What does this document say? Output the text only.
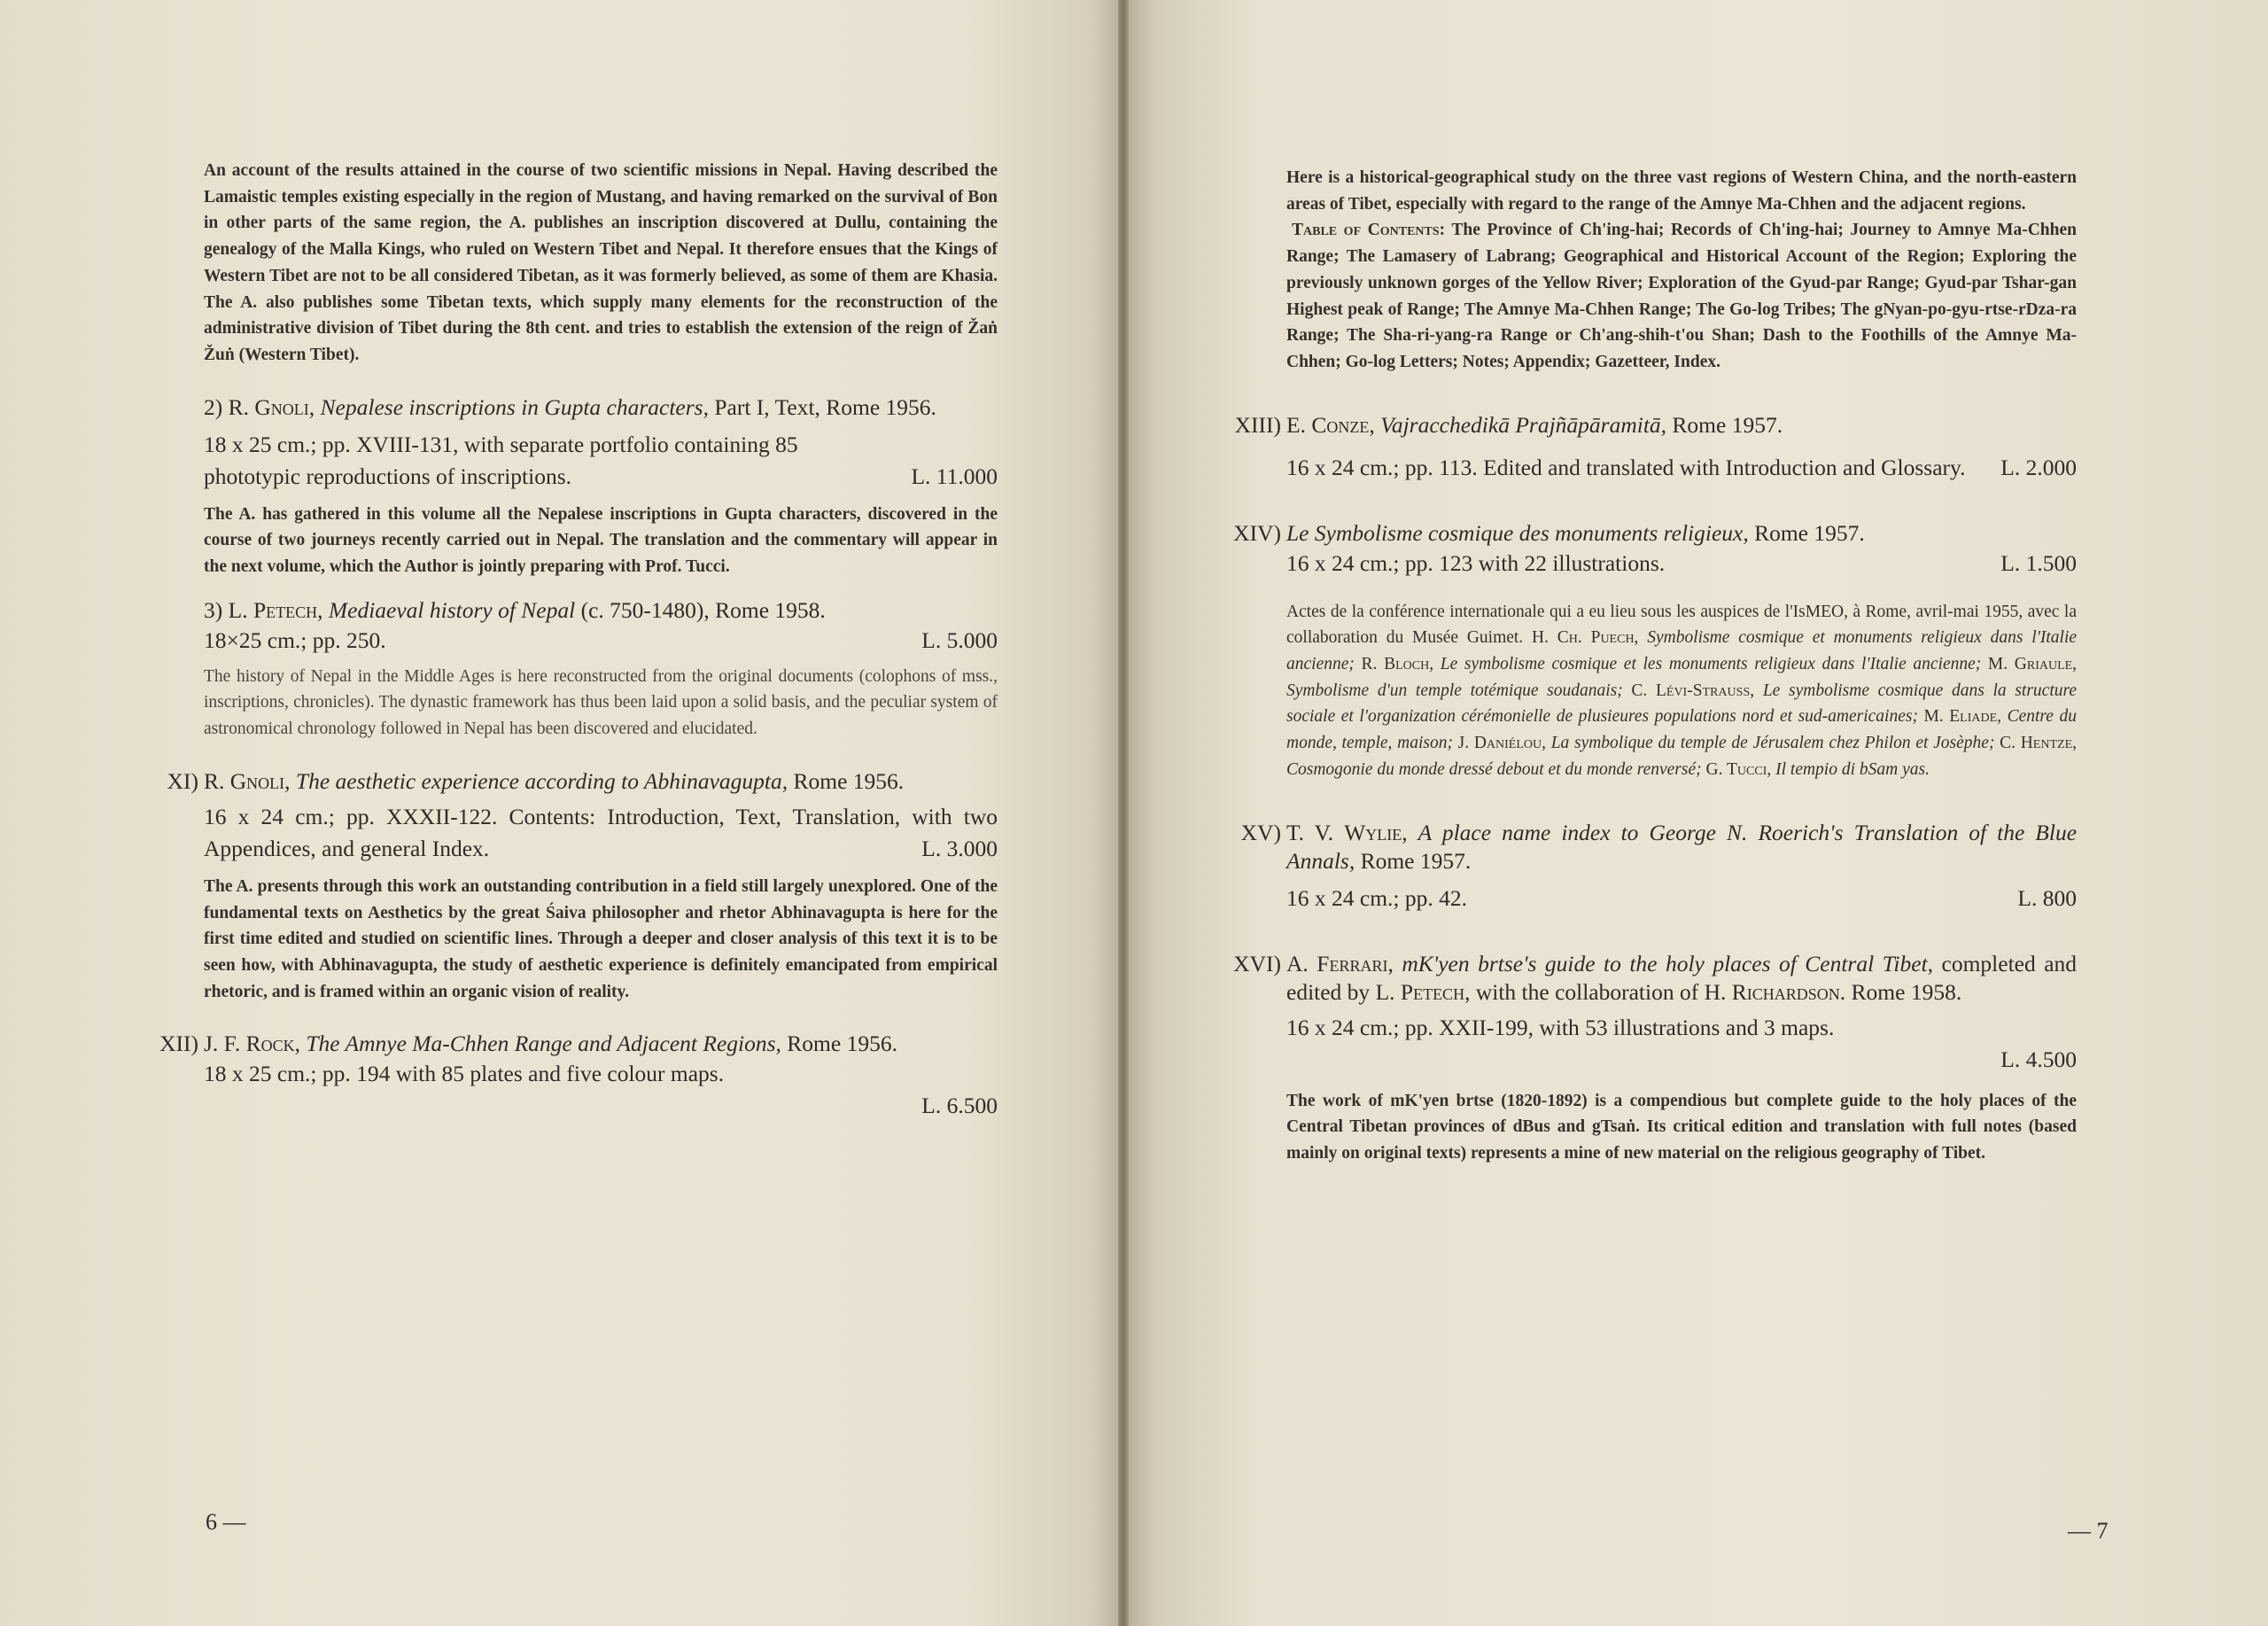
An account of the results attained in the course of two scientific missions in Nepal. Having described the Lamaistic temples existing especially in the region of Mustang, and having remarked on the survival of Bon in other parts of the same region, the A. publishes an inscription discovered at Dullu, containing the genealogy of the Malla Kings, who ruled on Western Tibet and Nepal. It therefore ensues that the Kings of Western Tibet are not to be all considered Tibetan, as it was formerly believed, as some of them are Khasia. The A. also publishes some Tibetan texts, which supply many elements for the reconstruction of the administrative division of Tibet during the 8th cent. and tries to establish the extension of the reign of Žaṅ Žuṅ (Western Tibet).

2) R. Gnoli, Nepalese inscriptions in Gupta characters, Part I, Text, Rome 1956.

18 x 25 cm.; pp. XVIII-131, with separate portfolio containing 85
phototypic reproductions of inscriptions.	L. 11.000

The A. has gathered in this volume all the Nepalese inscriptions in Gupta characters, discovered in the course of two journeys recently carried out in Nepal. The translation and the commentary will appear in the next volume, which the Author is jointly preparing with Prof. Tucci.

3) L. Petech, Mediaeval history of Nepal (c. 750-1480), Rome 1958.

18×25 cm.; pp. 250.	L. 5.000

The history of Nepal in the Middle Ages is here reconstructed from the original documents (colophons of mss., inscriptions, chronicles). The dynastic framework has thus been laid upon a solid basis, and the peculiar system of astronomical chronology followed in Nepal has been discovered and elucidated.

XI) R. Gnoli, The aesthetic experience according to Abhinavagupta, Rome 1956.

16 x 24 cm.; pp. XXXII-122. Contents: Introduction, Text, Translation, with two Appendices, and general Index.	L. 3.000

The A. presents through this work an outstanding contribution in a field still largely unexplored. One of the fundamental texts on Aesthetics by the great Śaiva philosopher and rhetor Abhinavagupta is here for the first time edited and studied on scientific lines. Through a deeper and closer analysis of this text it is to be seen how, with Abhinavagupta, the study of aesthetic experience is definitely emancipated from empirical rhetoric, and is framed within an organic vision of reality.

XII) J. F. Rock, The Amnye Ma-Chhen Range and Adjacent Regions, Rome 1956.

18 x 25 cm.; pp. 194 with 85 plates and five colour maps.
L. 6.500
6 —

Here is a historical-geographical study on the three vast regions of Western China, and the north-eastern areas of Tibet, especially with regard to the range of the Amnye Ma-Chhen and the adjacent regions.

Table of Contents: The Province of Ch'ing-hai; Records of Ch'ing-hai; Journey to Amnye Ma-Chhen Range; The Lamasery of Labrang; Geographical and Historical Account of the Region; Exploring the previously unknown gorges of the Yellow River; Exploration of the Gyud-par Range; Gyud-par Tshar-gan Highest peak of Range; The Amnye Ma-Chhen Range; The Go-log Tribes; The gNyan-po-gyu-rtse-rDza-ra Range; The Sha-ri-yang-ra Range or Ch'ang-shih-t'ou Shan; Dash to the Foothills of the Amnye Ma-Chhen; Go-log Letters; Notes; Appendix; Gazetteer, Index.

XIII) E. Conze, Vajracchedikā Prajñāpāramitā, Rome 1957.

16 x 24 cm.; pp. 113. Edited and translated with Introduction and Glossary. L. 2.000

XIV) Le Symbolisme cosmique des monuments religieux, Rome 1957.

16 x 24 cm.; pp. 123 with 22 illustrations.	L. 1.500

Actes de la conférence internationale qui a eu lieu sous les auspices de l'IsMEO, à Rome, avril-mai 1955, avec la collaboration du Musée Guimet. H. Ch. Puech, Symbolisme cosmique et monuments religieux dans l'Italie ancienne; R. Bloch, Le symbolisme cosmique et les monuments religieux dans l'Italie ancienne; M. Griaule, Symbolisme d'un temple totémique soudanais; C. Lévi-Strauss, Le symbolisme cosmique dans la structure sociale et l'organization cérémonielle de plusieures populations nord et sud-americaines; M. Eliade, Centre du monde, temple, maison; J. Daniélou, La symbolique du temple de Jérusalem chez Philon et Josèphe; C. Hentze, Cosmogonie du monde dressé debout et du monde renversé; G. Tucci, Il tempio di bSam yas.

XV) T. V. Wylie, A place name index to George N. Roerich's Translation of the Blue Annals, Rome 1957.

16 x 24 cm.; pp. 42.	L. 800

XVI) A. Ferrari, mK'yen brtse's guide to the holy places of Central Tibet, completed and edited by L. Petech, with the collaboration of H. Richardson. Rome 1958.

16 x 24 cm.; pp. XXII-199, with 53 illustrations and 3 maps.
L. 4.500

The work of mK'yen brtse (1820-1892) is a compendious but complete guide to the holy places of the Central Tibetan provinces of dBus and gTsaṅ. Its critical edition and translation with full notes (based mainly on original texts) represents a mine of new material on the religious geography of Tibet.

— 7
